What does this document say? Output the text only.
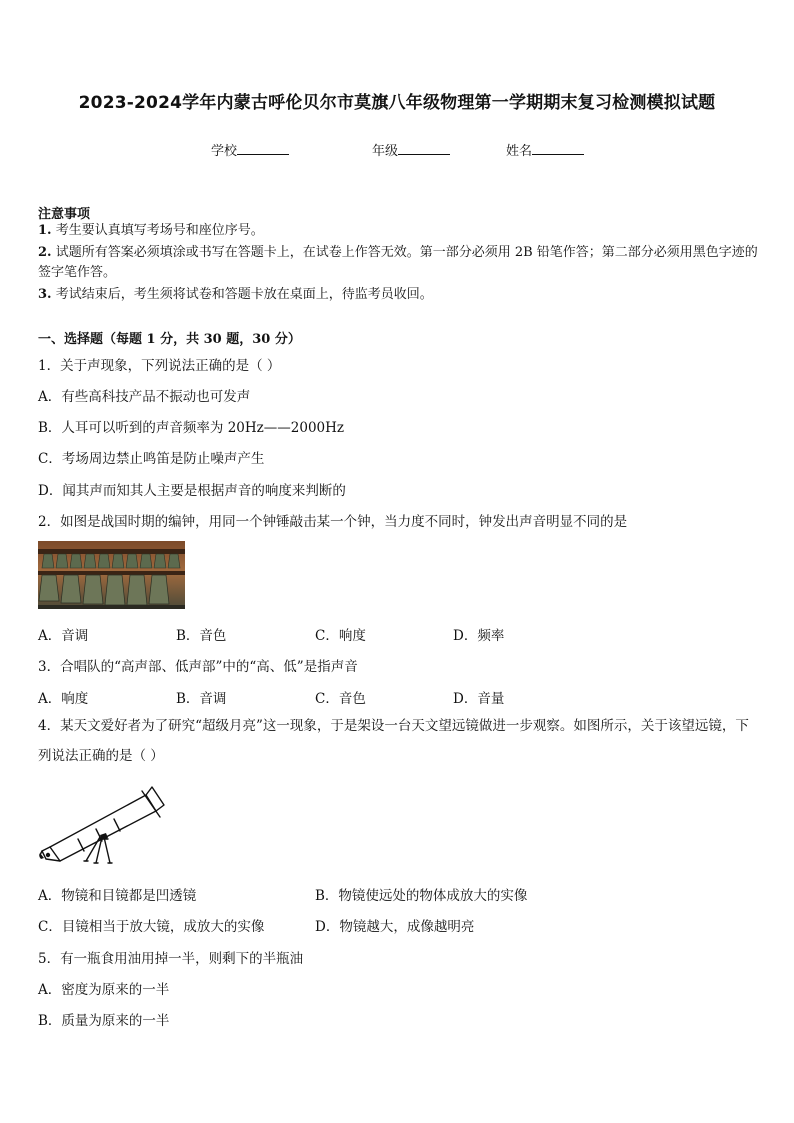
2023-2024学年内蒙古呼伦贝尔市莫旗八年级物理第一学期期末复习检测模拟试题
学校	年级	姓名
注意事项
1. 考生要认真填写考场号和座位序号。
2. 试题所有答案必须填涂或书写在答题卡上，在试卷上作答无效。第一部分必须用 2B 铅笔作答；第二部分必须用黑色字迹的签字笔作答。
3. 考试结束后，考生须将试卷和答题卡放在桌面上，待监考员收回。
一、选择题（每题 1 分，共 30 题，30 分）
1．关于声现象，下列说法正确的是（ ）
A．有些高科技产品不振动也可发声
B．人耳可以听到的声音频率为 20Hz——2000Hz
C．考场周边禁止鸣笛是防止噪声产生
D．闻其声而知其人主要是根据声音的响度来判断的
2．如图是战国时期的编钟，用同一个钟锤敲击某一个钟，当力度不同时，钟发出声音明显不同的是
A．音调	B．音色	C．响度	D．频率
3．合唱队的“高声部、低声部”中的“高、低”是指声音
A．响度	B．音调	C．音色	D．音量
4．某天文爱好者为了研究“超级月亮”这一现象，于是架设一台天文望远镜做进一步观察。如图所示，关于该望远镜，下列说法正确的是（ ）
A．物镜和目镜都是凹透镜	B．物镜使远处的物体成放大的实像
C．目镜相当于放大镜，成放大的实像	D．物镜越大，成像越明亮
5．有一瓶食用油用掉一半，则剩下的半瓶油
A．密度为原来的一半
B．质量为原来的一半
